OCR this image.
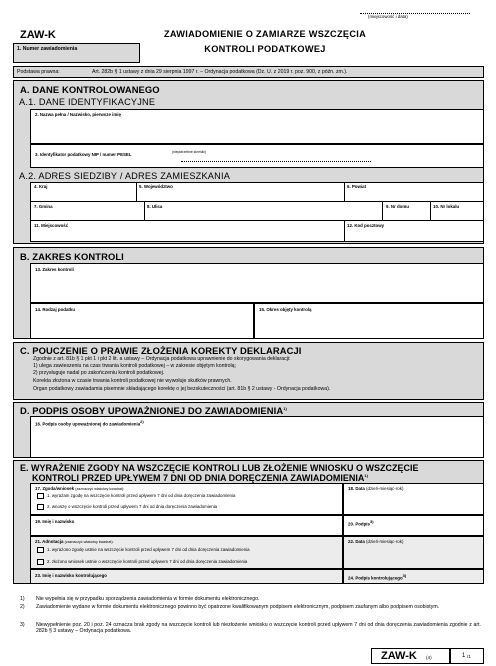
(miejscowość i data)
ZAW-K	ZAWIADOMIENIE O ZAMIARZE WSZCZĘCIA
KONTROLI PODATKOWEJ
1. Numer zawiadomienia
Podstawa prawna:	Art. 282b § 1 ustawy z dnia 29 sierpnia 1997 r. – Ordynacja podatkowa (Dz. U. z 2019 r. poz. 900, z późn. zm.).
A. DANE KONTROLOWANEGO
A.1. DANE IDENTYFIKACYJNE
2. Nazwa pełna / Nazwisko, pierwsze imię
3. Identyfikator podatkowy NIP / numer PESEL	(niepotrzebne skreślić)
A.2. ADRES SIEDZIBY / ADRES ZAMIESZKANIA
4. Kraj	5. Województwo	6. Powiat
7. Gmina	8. Ulica	9. Nr domu	10. Nr lokalu
11. Miejscowość	12. Kod pocztowy
B. ZAKRES KONTROLI
13. Zakres kontroli
14. Rodzaj podatku	15. Okres objęty kontrolą
C. POUCZENIE O PRAWIE ZŁOŻENIA KOREKTY DEKLARACJI
Zgodnie z art. 81b § 1 pkt 1 i pkt 2 lit. a ustawy – Ordynacja podatkowa uprawnienie do skorygowania deklaracji:
1) ulega zawieszeniu na czas trwania kontroli podatkowej – w zakresie objętym kontrolą;
2) przysługuje nadal po zakończeniu kontroli podatkowej.
Korekta złożona w czasie trwania kontroli podatkowej nie wywołuje skutków prawnych.
Organ podatkowy zawiadamia pisemnie składającego korektę o jej bezskuteczności (art. 81b § 2 ustawy - Ordynacja podatkowa).
D. PODPIS OSOBY UPOWAŻNIONEJ DO ZAWIADOMIENIA$^{1)}$
16. Podpis osoby upoważnionej do zawiadomienia$^{2)}$
E. WYRAŻENIE ZGODY NA WSZCZĘCIE KONTROLI LUB ZŁOŻENIE WNIOSKU O WSZCZĘCIE
KONTROLI PRZED UPŁYWEM 7 DNI OD DNIA DORĘCZENIA ZAWIADOMIENIA$^{1)}$
17. Zgoda/wniosek (zaznaczyć właściwy kwadrat):
1. wyrażam zgodę na wszczęcie kontroli przed upływem 7 dni od dnia doręczenia zawiadomienia
2. wnoszę o wszczęcie kontroli przed upływem 7 dni od dnia doręczenia zawiadomienia
18. Data (dzień-miesiąc-rok)
19. Imię i nazwisko	20. Podpis$^{3)}$
21. Adnotacja (zaznaczyć właściwy kwadrat):
1. wyrażono zgodę ustnie na wszczęcie kontroli przed upływem 7 dni od dnia doręczenia zawiadomienia
2. złożono wniosek ustnie o wszczęcie kontroli przed upływem 7 dni od dnia doręczenia zawiadomienia
22. Data (dzień-miesiąc-rok)
23. Imię i nazwisko kontrolującego	24. Podpis kontrolującego$^{3)}$
1) Nie wypełnia się w przypadku sporządzenia zawiadomienia w formie dokumentu elektronicznego.
2) Zawiadomienie wydane w formie dokumentu elektronicznego powinno być opatrzone kwalifikowanym podpisem elektronicznym, podpisem zaufanym albo podpisem osobistym.
3) Niewypełnienie poz. 20 i poz. 24 oznacza brak zgody na wszczęcie kontroli lub niezłożenie wniosku o wszczęcie kontroli przed upływem 7 dni od dnia doręczenia zawiadomienia zgodnie z art. 282b § 3 ustawy – Ordynacja podatkowa.
ZAW-K (4)	1 /1
